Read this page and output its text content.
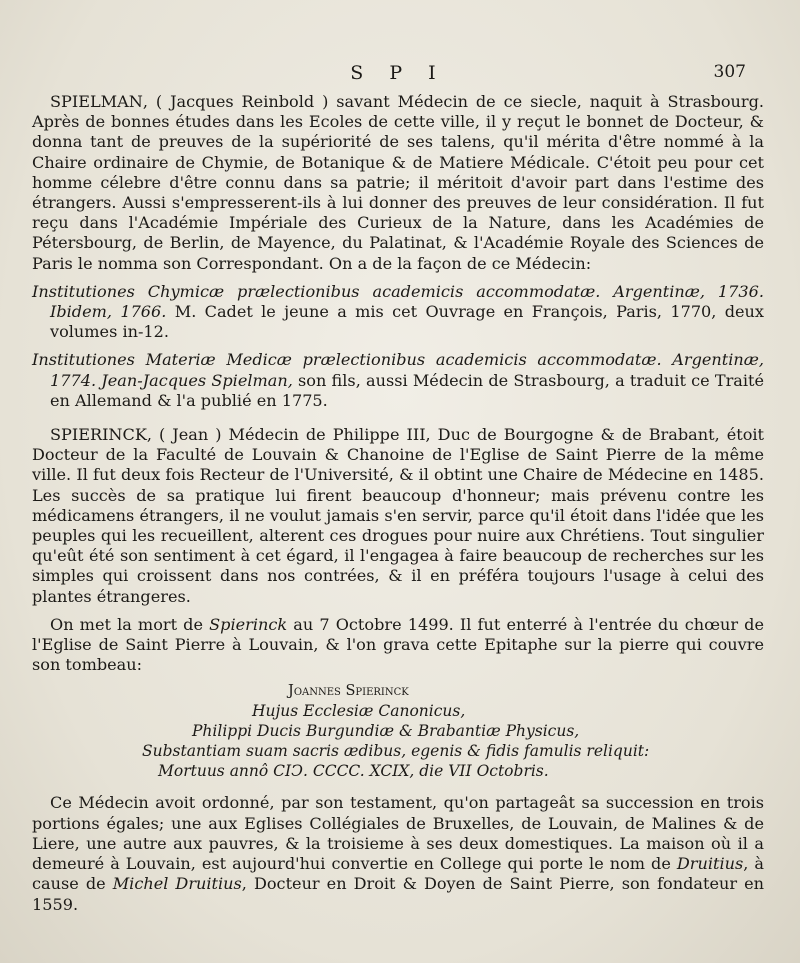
S P I	307

SPIELMAN, ( Jacques Reinbold ) savant Médecin de ce siecle, naquit à Strasbourg. Après de bonnes études dans les Ecoles de cette ville, il y reçut le bonnet de Docteur, & donna tant de preuves de la supériorité de ses talens, qu'il mérita d'être nommé à la Chaire ordinaire de Chymie, de Botanique & de Matiere Médicale. C'étoit peu pour cet homme célebre d'être connu dans sa patrie; il méritoit d'avoir part dans l'estime des étrangers. Aussi s'empresserent-ils à lui donner des preuves de leur considération. Il fut reçu dans l'Académie Impériale des Curieux de la Nature, dans les Académies de Pétersbourg, de Berlin, de Mayence, du Palatinat, & l'Académie Royale des Sciences de Paris le nomma son Correspondant. On a de la façon de ce Médecin:

Institutiones Chymicæ prælectionibus academicis accommodatæ. Argentinæ, 1736. Ibidem, 1766. M. Cadet le jeune a mis cet Ouvrage en François, Paris, 1770, deux volumes in-12.

Institutiones Materiæ Medicæ prælectionibus academicis accommodatæ. Argentinæ, 1774. Jean-Jacques Spielman, son fils, aussi Médecin de Strasbourg, a traduit ce Traité en Allemand & l'a publié en 1775.

SPIERINCK, ( Jean ) Médecin de Philippe III, Duc de Bourgogne & de Brabant, étoit Docteur de la Faculté de Louvain & Chanoine de l'Eglise de Saint Pierre de la même ville. Il fut deux fois Recteur de l'Université, & il obtint une Chaire de Médecine en 1485. Les succès de sa pratique lui firent beaucoup d'honneur; mais prévenu contre les médicamens étrangers, il ne voulut jamais s'en servir, parce qu'il étoit dans l'idée que les peuples qui les recueillent, alterent ces drogues pour nuire aux Chrétiens. Tout singulier qu'eût été son sentiment à cet égard, il l'engagea à faire beaucoup de recherches sur les simples qui croissent dans nos contrées, & il en préféra toujours l'usage à celui des plantes étrangeres.

On met la mort de Spierinck au 7 Octobre 1499. Il fut enterré à l'entrée du chœur de l'Eglise de Saint Pierre à Louvain, & l'on grava cette Epitaphe sur la pierre qui couvre son tombeau:

Joannes Spierinck
Hujus Ecclesiæ Canonicus,
Philippi Ducis Burgundiæ & Brabantiæ Physicus,
Substantiam suam sacris ædibus, egenis & fidis famulis reliquit:
Mortuus annô CIↃ. CCCC. XCIX, die VII Octobris.

Ce Médecin avoit ordonné, par son testament, qu'on partageât sa succession en trois portions égales; une aux Eglises Collégiales de Bruxelles, de Louvain, de Malines & de Liere, une autre aux pauvres, & la troisieme à ses deux domestiques. La maison où il a demeuré à Louvain, est aujourd'hui convertie en College qui porte le nom de Druitius, à cause de Michel Druitius, Docteur en Droit & Doyen de Saint Pierre, son fondateur en 1559.
